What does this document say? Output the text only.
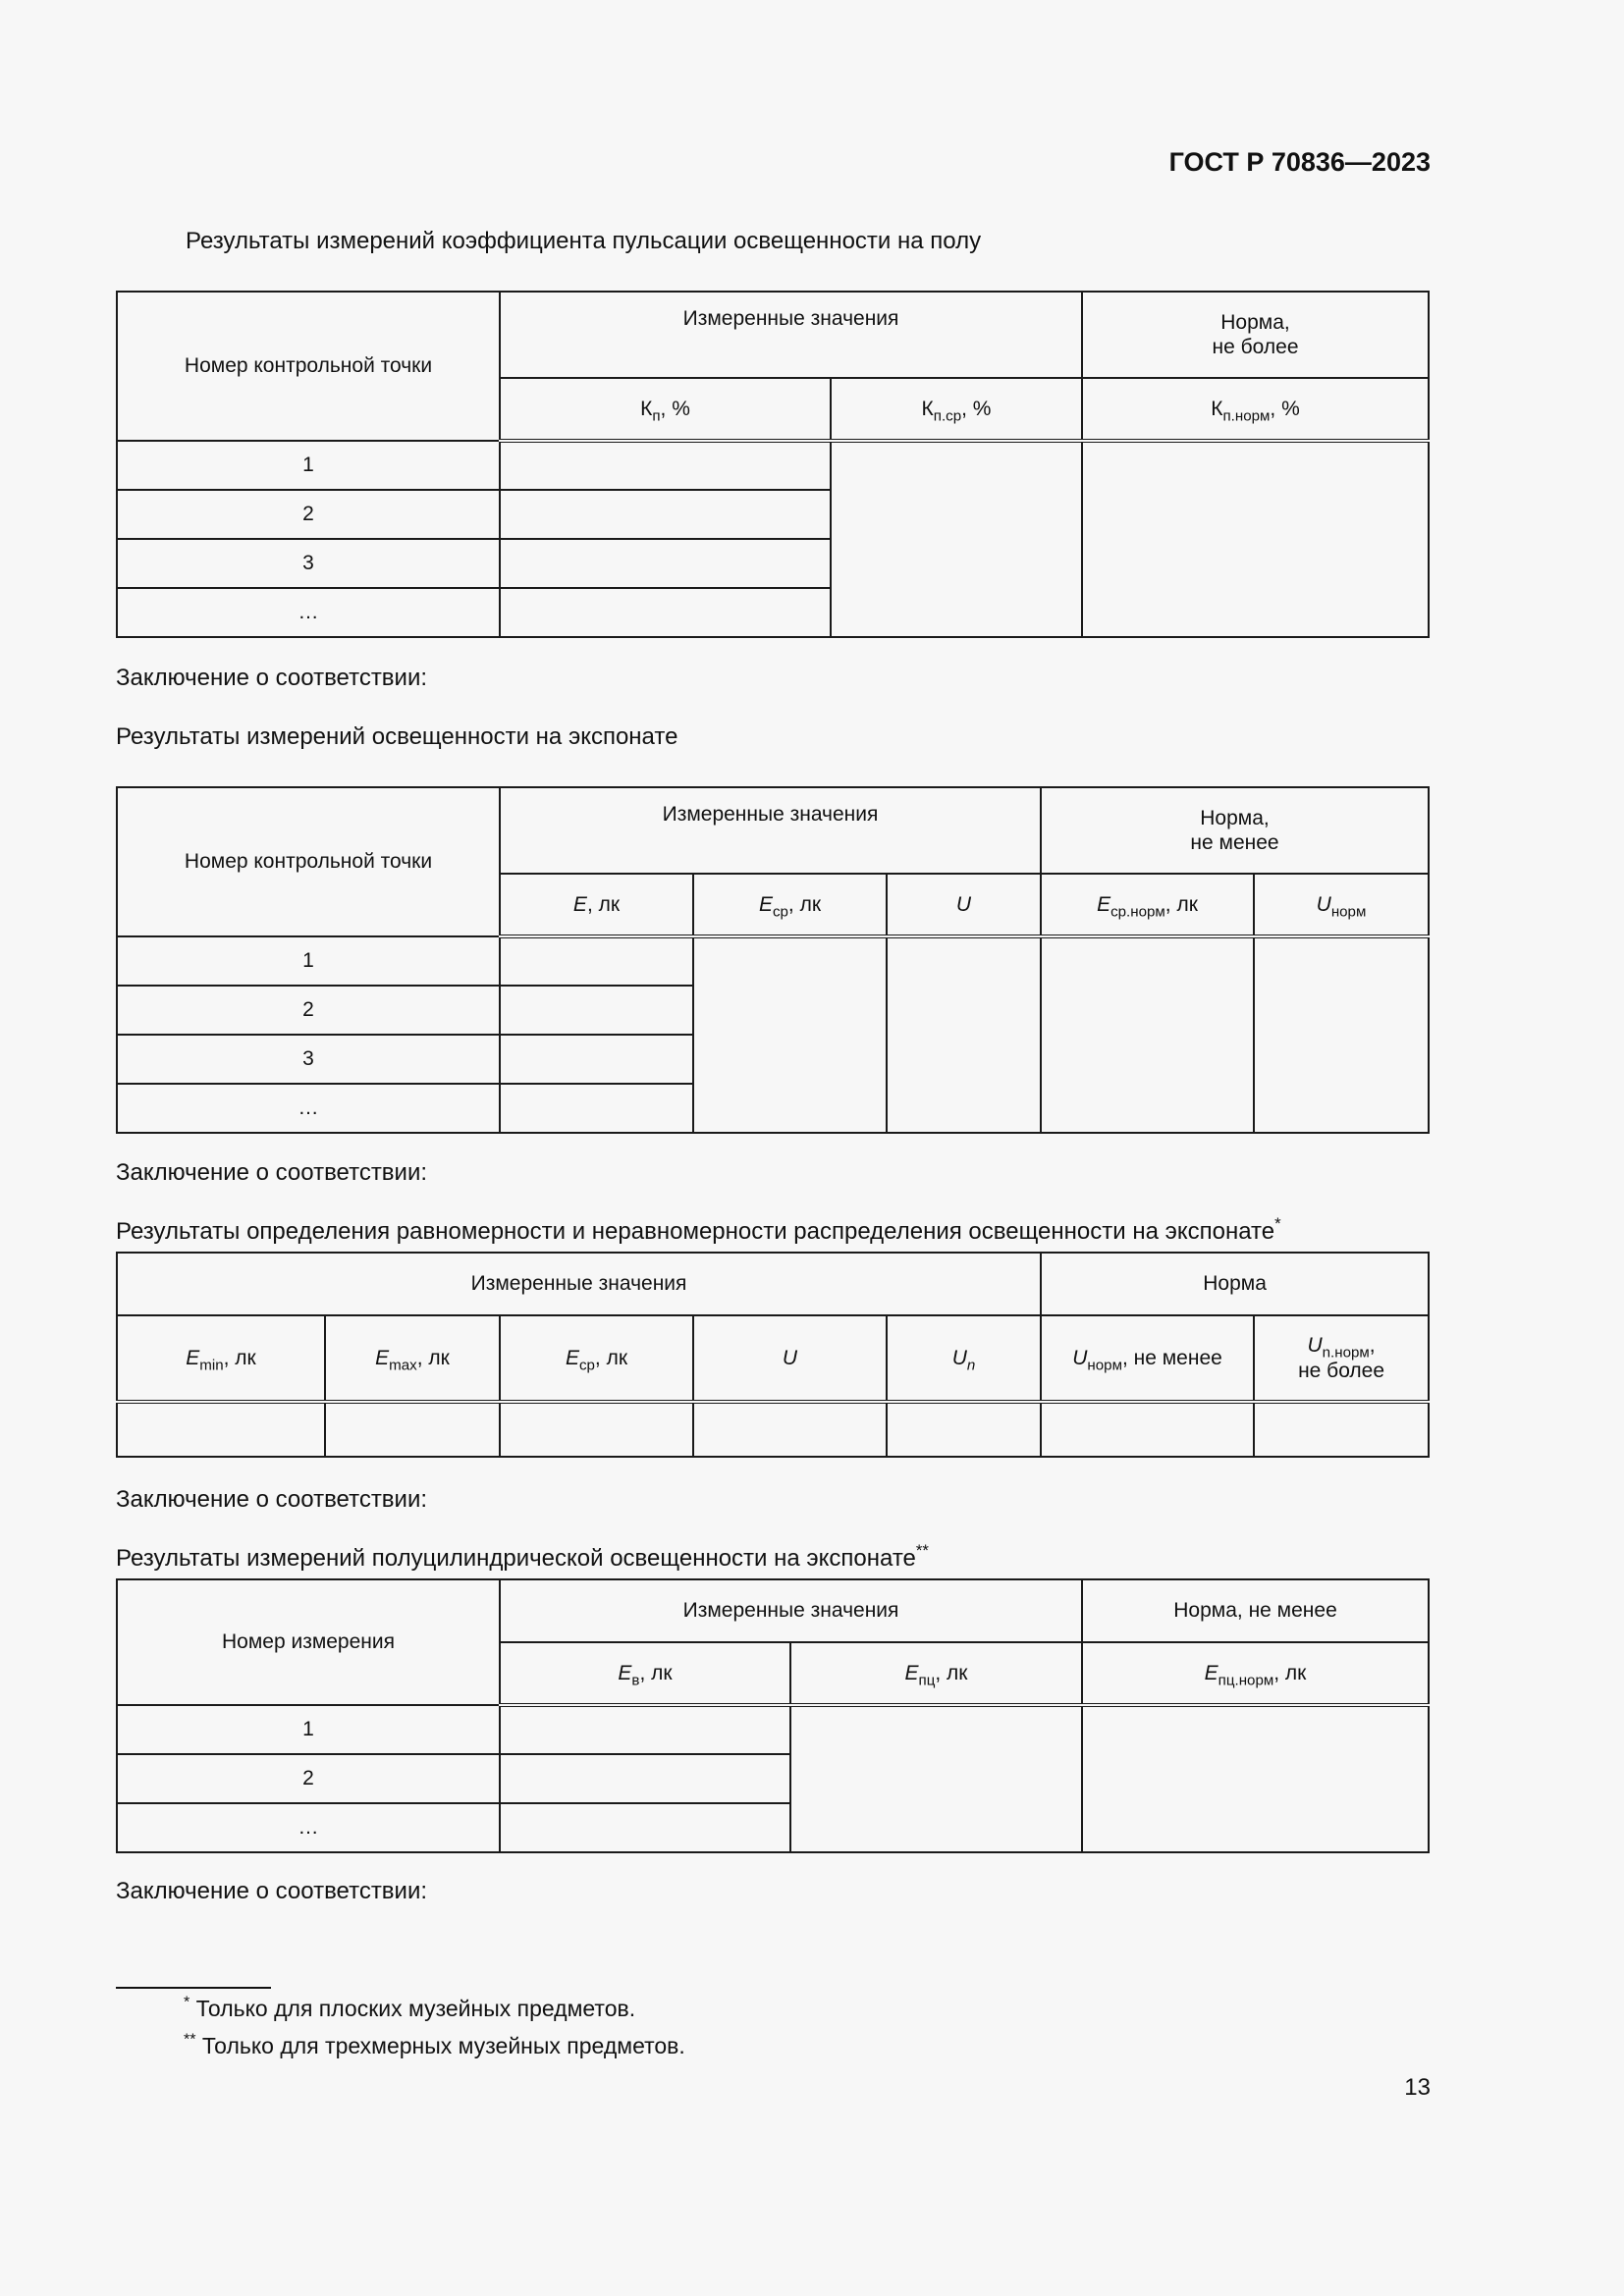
ГОСТ Р 70836—2023
Результаты измерений коэффициента пульсации освещенности на полу
Номер контрольной точки	Измеренные значения		Норма,
не более
	$К_п$, %	$К_{п.ср}$, %	$К_{п.норм}$, %
1			
2			
3			
…			
Заключение о соответствии:
Результаты измерений освещенности на экспонате
Номер контрольной точки	Измеренные значения			Норма,
не менее	
	E, лк	$E_{ср}$, лк	U	$E_{ср.норм}$, лк	$U_{норм}$
1					
2					
3					
…					
Заключение о соответствии:
Результаты определения равномерности и неравномерности распределения освещенности на экспонате*
Измеренные значения					Норма	
$E_{min}$, лк	$E_{max}$, лк	$E_{ср}$, лк	U	$U_n$	$U_{норм}$, не менее	$U_{n.норм}$,
не более

Заключение о соответствии:
Результаты измерений полуцилиндрической освещенности на экспонате**
Номер измерения	Измеренные значения		Норма, не менее
	$E_в$, лк	$E_{пц}$, лк	$E_{пц.норм}$, лк
1			
2			
…			
Заключение о соответствии:
* Только для плоских музейных предметов.
** Только для трехмерных музейных предметов.
13
